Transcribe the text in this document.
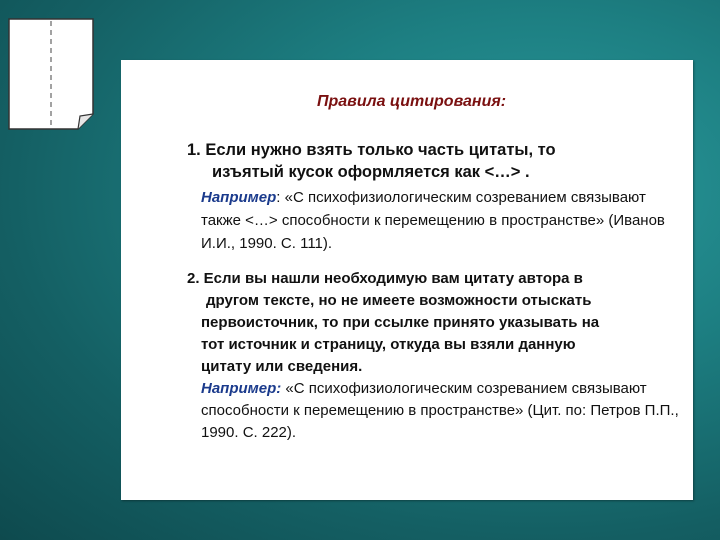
Правила цитирования:

1. Если нужно взять только часть цитаты, то
изъятый кусок оформляется как <…> .

Например: «С психофизиологическим созреванием связывают также <…> способности к перемещению в пространстве» (Иванов И.И., 1990. С. 111).

2. Если вы нашли необходимую вам цитату автора в
другом тексте, но не имеете возможности отыскать
первоисточник, то при ссылке принято указывать на
тот источник и страницу, откуда вы взяли данную
цитату или сведения.

Например: «С психофизиологическим созреванием связывают способности к перемещению в пространстве» (Цит. по: Петров П.П., 1990. С. 222).
